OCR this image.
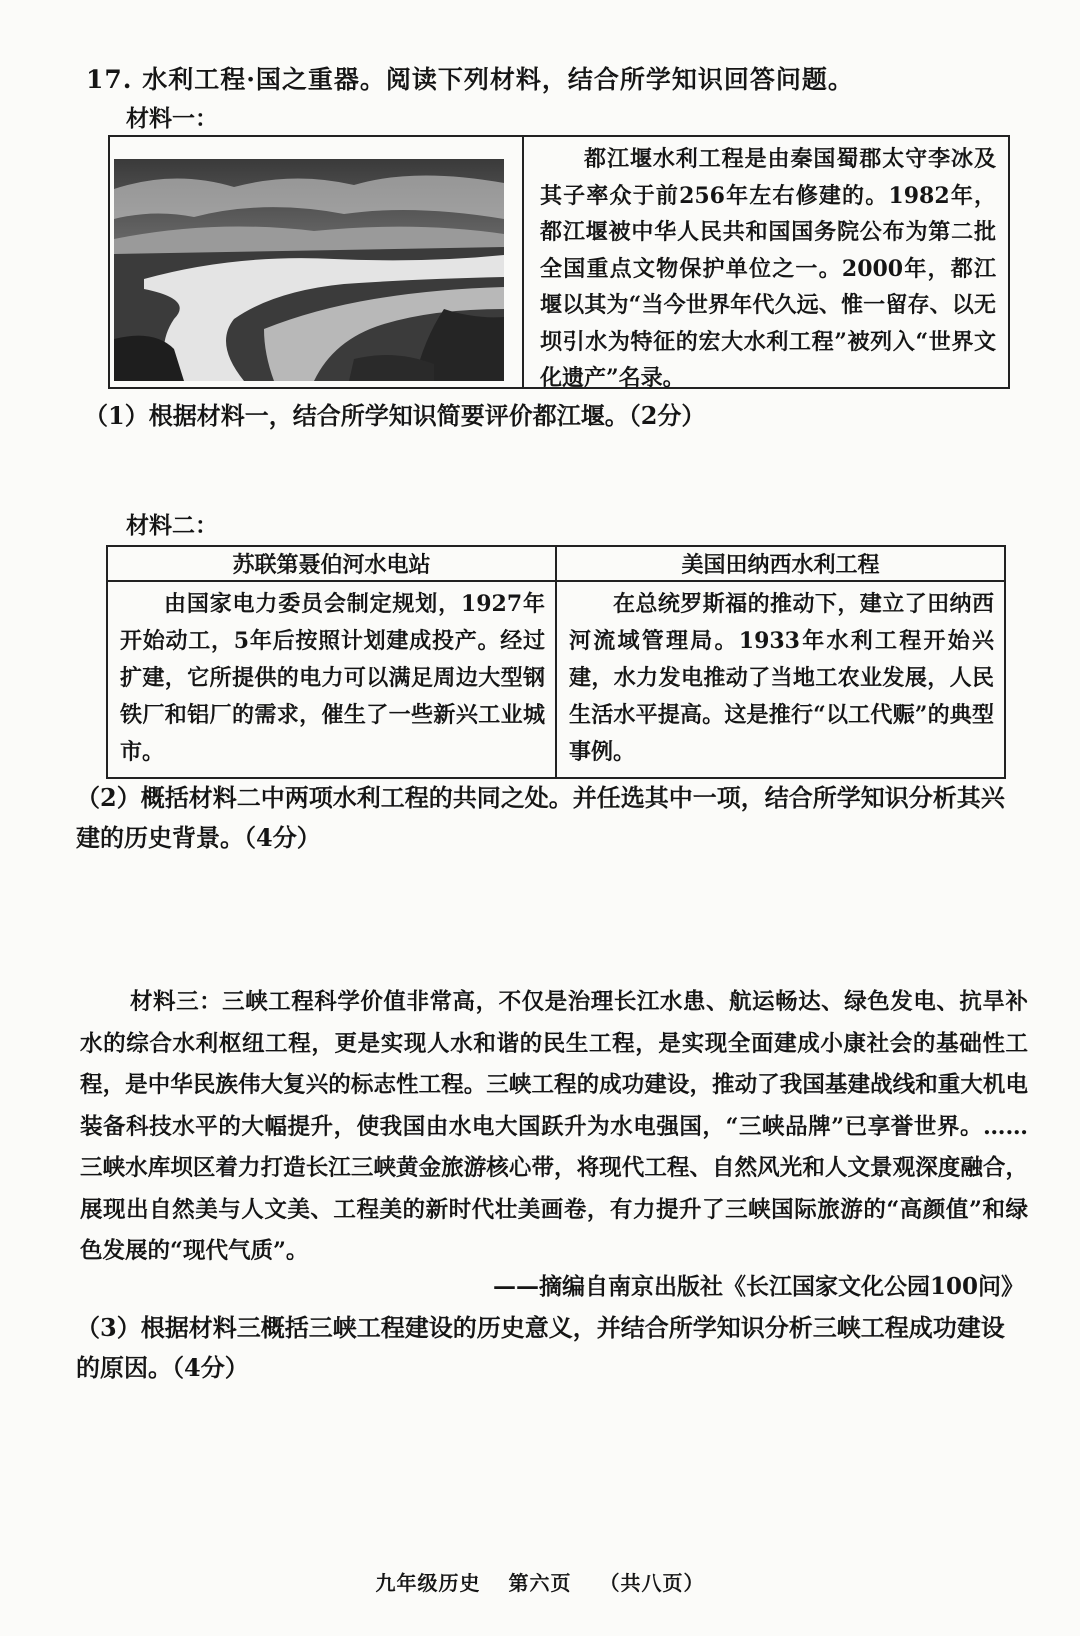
17. 水利工程·国之重器。阅读下列材料，结合所学知识回答问题。
材料一：
都江堰水利工程是由秦国蜀郡太守李冰及其子率众于前256年左右修建的。1982年，都江堰被中华人民共和国国务院公布为第二批全国重点文物保护单位之一。2000年，都江堰以其为“当今世界年代久远、惟一留存、以无坝引水为特征的宏大水利工程”被列入“世界文化遗产”名录。
（1）根据材料一，结合所学知识简要评价都江堰。（2分）
材料二：
苏联第聂伯河水电站	美国田纳西水利工程
由国家电力委员会制定规划，1927年开始动工，5年后按照计划建成投产。经过扩建，它所提供的电力可以满足周边大型钢铁厂和铝厂的需求，催生了一些新兴工业城市。	在总统罗斯福的推动下，建立了田纳西河流域管理局。1933年水利工程开始兴建，水力发电推动了当地工农业发展，人民生活水平提高。这是推行“以工代赈”的典型事例。
（2）概括材料二中两项水利工程的共同之处。并任选其中一项，结合所学知识分析其兴建的历史背景。（4分）
材料三：三峡工程科学价值非常高，不仅是治理长江水患、航运畅达、绿色发电、抗旱补水的综合水利枢纽工程，更是实现人水和谐的民生工程，是实现全面建成小康社会的基础性工程，是中华民族伟大复兴的标志性工程。三峡工程的成功建设，推动了我国基建战线和重大机电装备科技水平的大幅提升，使我国由水电大国跃升为水电强国，“三峡品牌”已享誉世界。……三峡水库坝区着力打造长江三峡黄金旅游核心带，将现代工程、自然风光和人文景观深度融合，展现出自然美与人文美、工程美的新时代壮美画卷，有力提升了三峡国际旅游的“高颜值”和绿色发展的“现代气质”。
——摘编自南京出版社《长江国家文化公园100问》
（3）根据材料三概括三峡工程建设的历史意义，并结合所学知识分析三峡工程成功建设的原因。（4分）
九年级历史 第六页 （共八页）
